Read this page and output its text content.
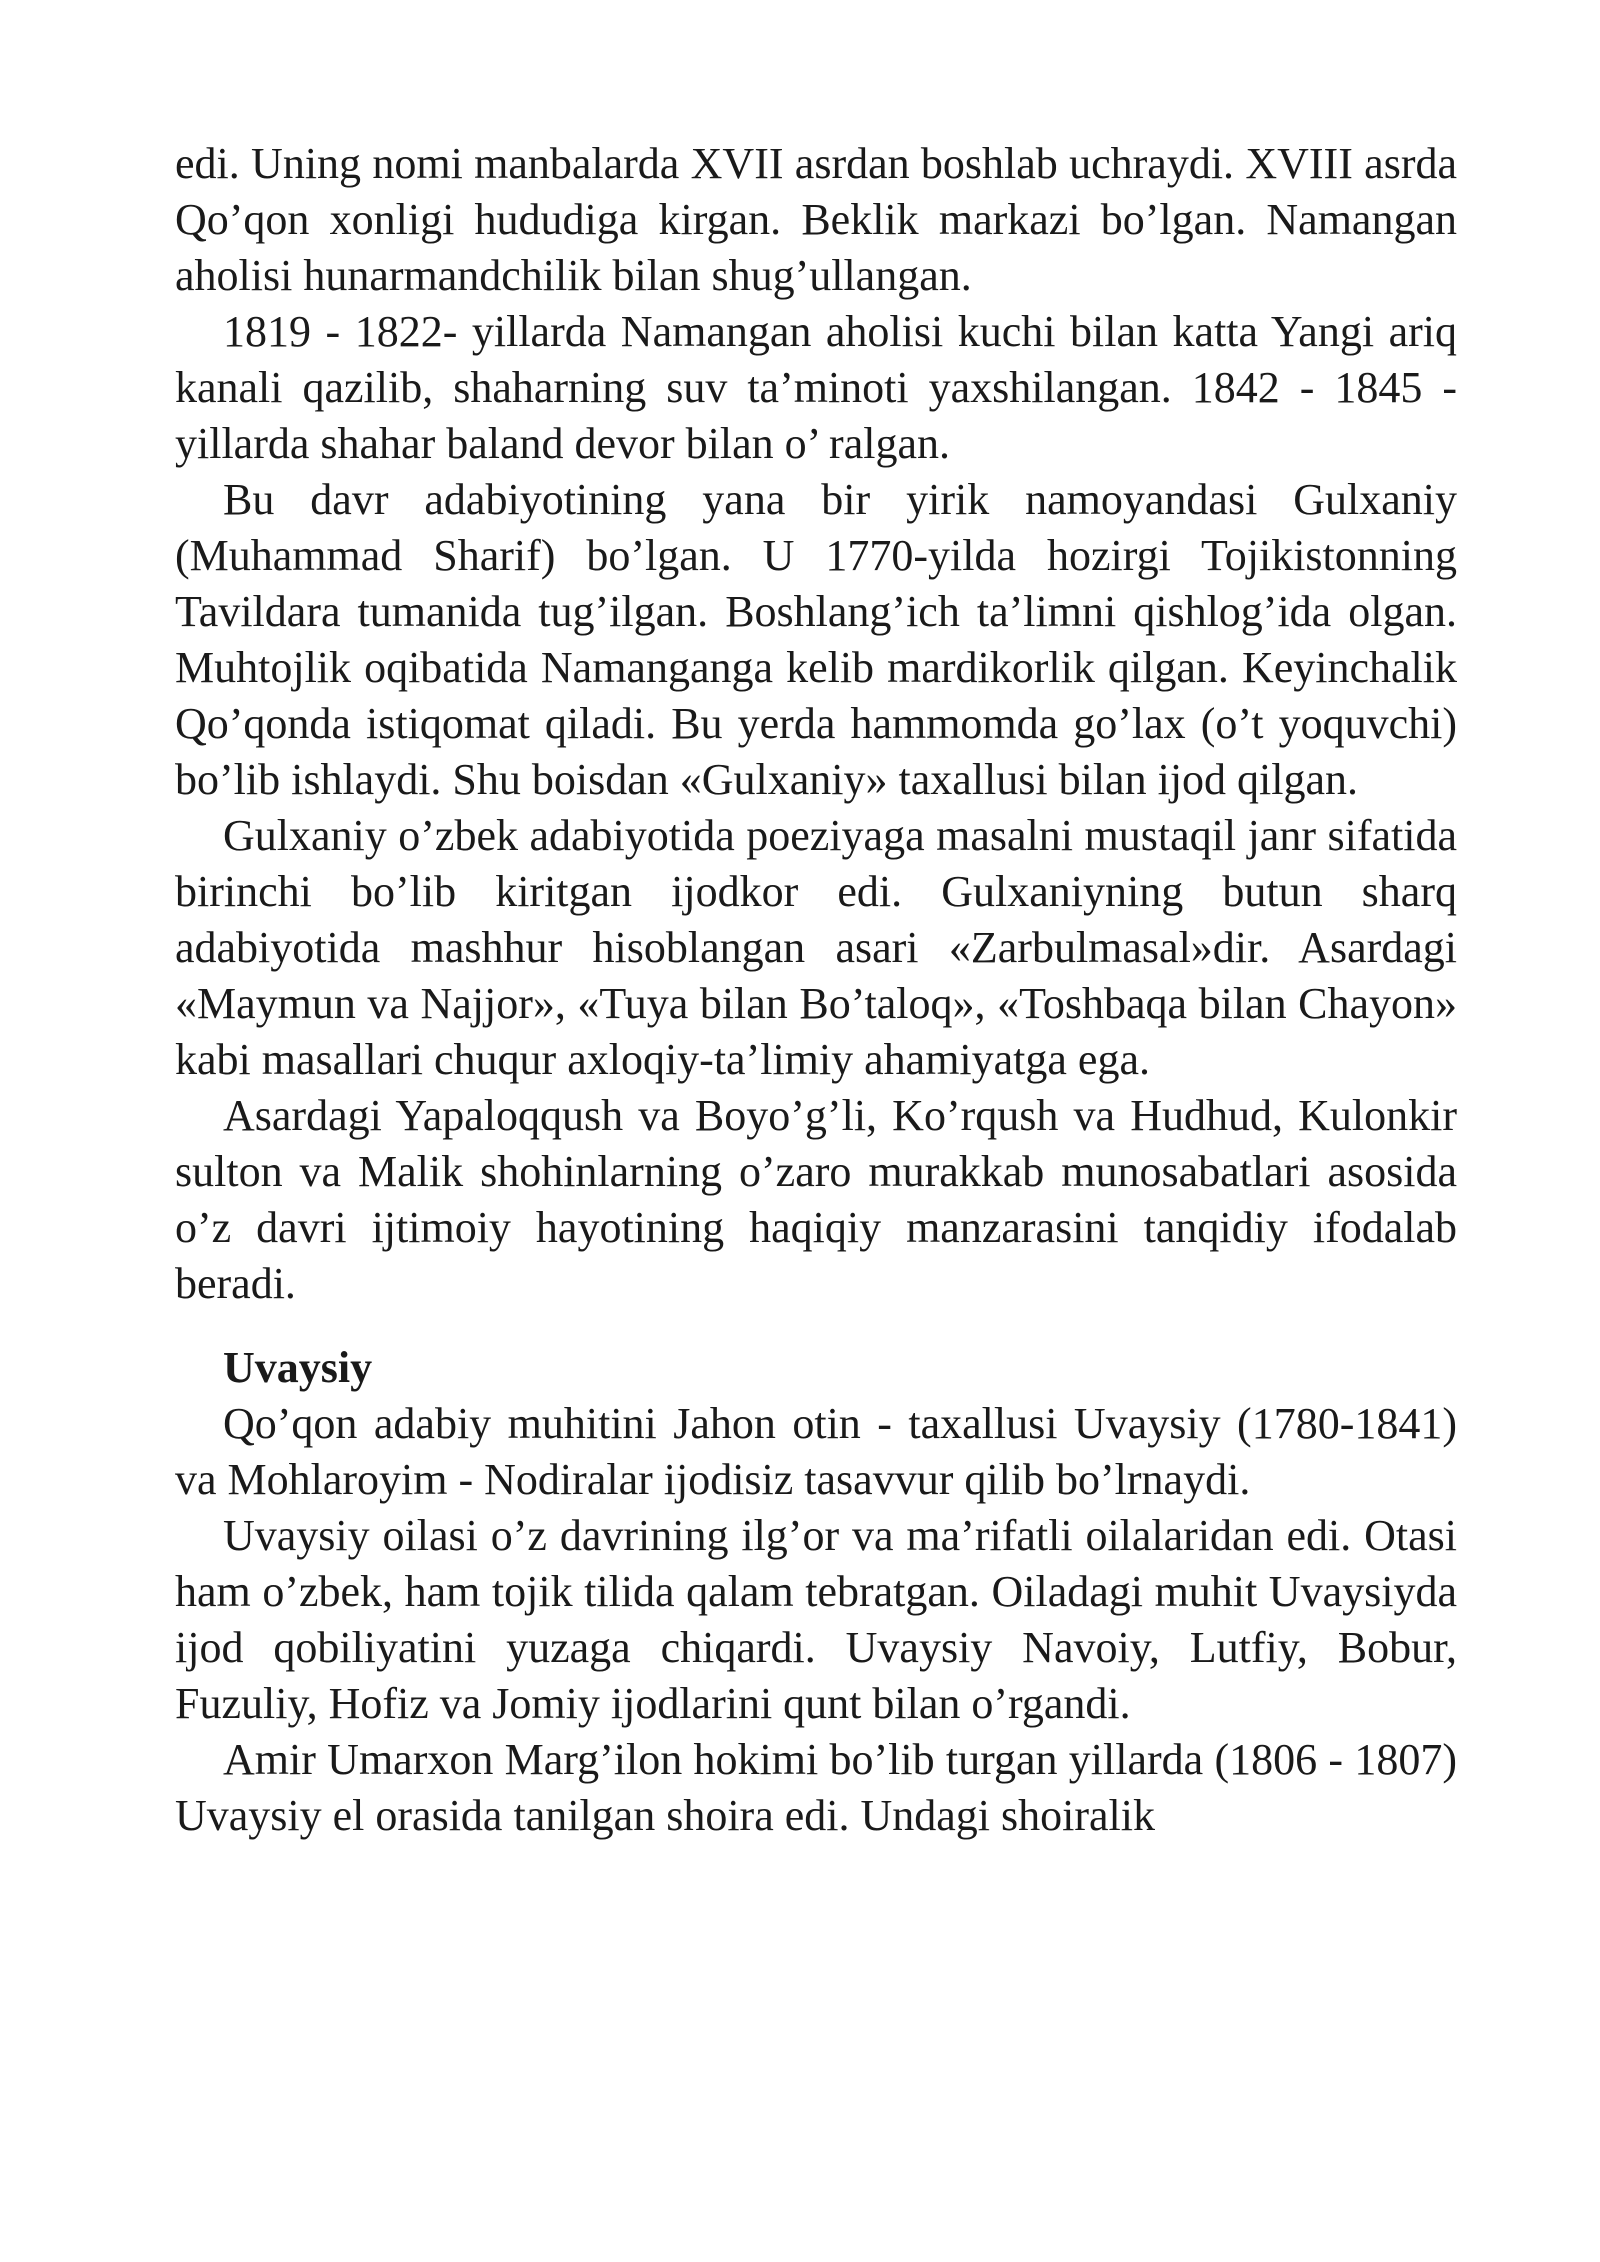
edi. Uning nomi manbalarda XVII asrdan boshlab uchraydi. XVIII asrda Qo’qon xonligi hududiga kirgan. Beklik markazi bo’lgan. Namangan aholisi hunarmandchilik bilan shug’ullangan.

1819 - 1822- yillarda Namangan aholisi kuchi bilan katta Yangi ariq kanali qazilib, shaharning suv ta’minoti yaxshilangan. 1842 - 1845 - yillarda shahar baland devor bilan o’ ralgan.

Bu davr adabiyotining yana bir yirik namoyandasi Gulxaniy (Muhammad Sharif) bo’lgan. U 1770-yilda hozirgi Tojikistonning Tavildara tumanida tug’ilgan. Boshlang’ich ta’limni qishlog’ida olgan. Muhtojlik oqibatida Namanganga kelib mardikorlik qilgan. Keyinchalik Qo’qonda istiqomat qiladi. Bu yerda hammomda go’lax (o’t yoquvchi) bo’lib ishlaydi. Shu boisdan «Gulxaniy» taxallusi bilan ijod qilgan.

Gulxaniy o’zbek adabiyotida poeziyaga masalni mustaqil janr sifatida birinchi bo’lib kiritgan ijodkor edi. Gulxaniyning butun sharq adabiyotida mashhur hisoblangan asari «Zarbulmasal»dir. Asardagi «Maymun va Najjor», «Tuya bilan Bo’taloq», «Toshbaqa bilan Chayon» kabi masallari chuqur axloqiy-ta’limiy ahamiyatga ega.

Asardagi Yapaloqqush va Boyo’g’li, Ko’rqush va Hudhud, Kulonkir sulton va Malik shohinlarning o’zaro murakkab munosabatlari asosida o’z davri ijtimoiy hayotining haqiqiy manzarasini tanqidiy ifodalab beradi.

Uvaysiy

Qo’qon adabiy muhitini Jahon otin - taxallusi Uvaysiy (1780-1841) va Mohlaroyim - Nodiralar ijodisiz tasavvur qilib bo’lrnaydi.

Uvaysiy oilasi o’z davrining ilg’or va ma’rifatli oilalaridan edi. Otasi ham o’zbek, ham tojik tilida qalam tebratgan. Oiladagi muhit Uvaysiyda ijod qobiliyatini yuzaga chiqardi. Uvaysiy Navoiy, Lutfiy, Bobur, Fuzuliy, Hofiz va Jomiy ijodlarini qunt bilan o’rgandi.

Amir Umarxon Marg’ilon hokimi bo’lib turgan yillarda (1806 - 1807) Uvaysiy el orasida tanilgan shoira edi. Undagi shoiralik
